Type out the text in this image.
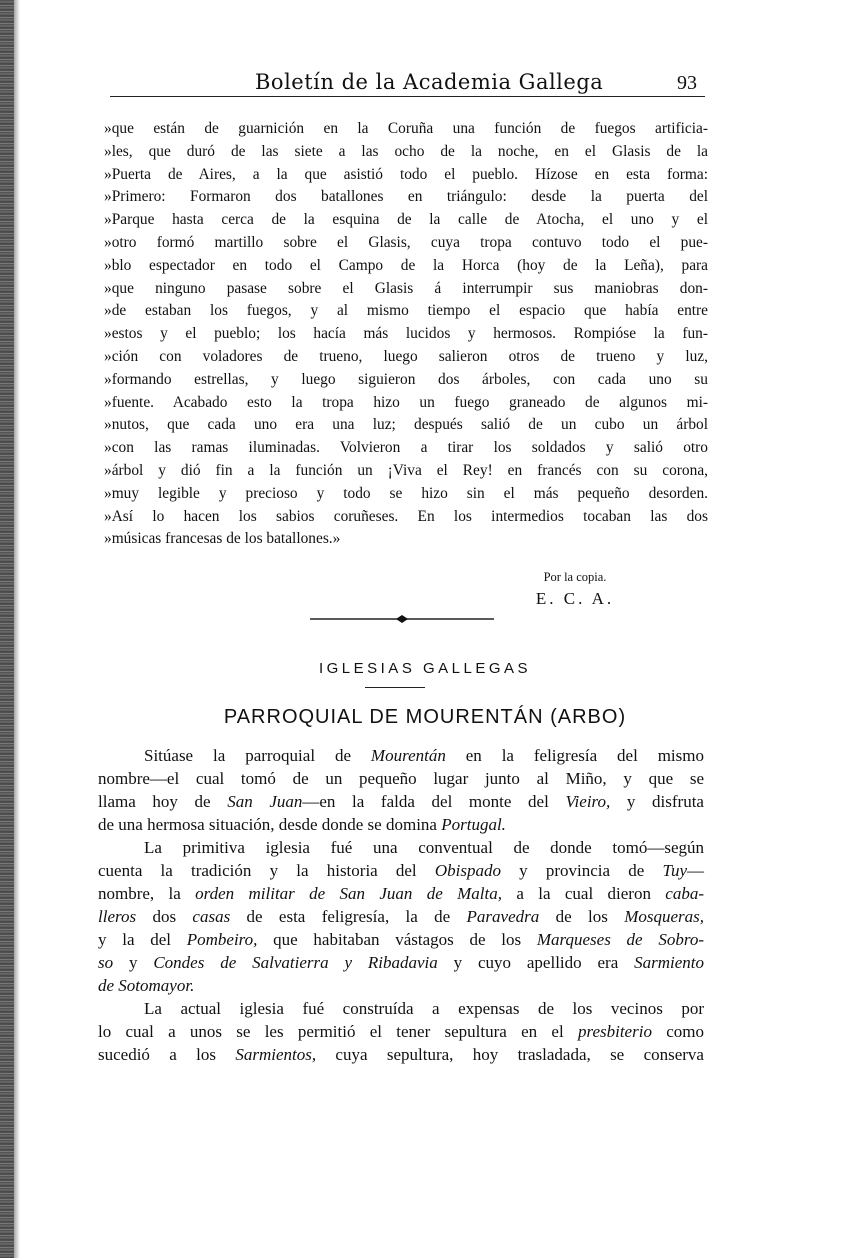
Boletín de la Academia Gallega	93
»que están de guarnición en la Coruña una función de fuegos artificia-
»les, que duró de las siete a las ocho de la noche, en el Glasis de la
»Puerta de Aires, a la que asistió todo el pueblo. Hízose en esta forma:
»Primero: Formaron dos batallones en triángulo: desde la puerta del
»Parque hasta cerca de la esquina de la calle de Atocha, el uno y el
»otro formó martillo sobre el Glasis, cuya tropa contuvo todo el pue-
»blo espectador en todo el Campo de la Horca (hoy de la Leña), para
»que ninguno pasase sobre el Glasis á interrumpir sus maniobras don-
»de estaban los fuegos, y al mismo tiempo el espacio que había entre
»estos y el pueblo; los hacía más lucidos y hermosos. Rompióse la fun-
»ción con voladores de trueno, luego salieron otros de trueno y luz,
»formando estrellas, y luego siguieron dos árboles, con cada uno su
»fuente. Acabado esto la tropa hizo un fuego graneado de algunos mi-
»nutos, que cada uno era una luz; después salió de un cubo un árbol
»con las ramas iluminadas. Volvieron a tirar los soldados y salió otro
»árbol y dió fin a la función un ¡Viva el Rey! en francés con su corona,
»muy legible y precioso y todo se hizo sin el más pequeño desorden.
»Así lo hacen los sabios coruñeses. En los intermedios tocaban las dos
»músicas francesas de los batallones.»
Por la copia.
E. C. A.
IGLESIAS GALLEGAS
PARROQUIAL DE MOURENTÁN (ARBO)
Sitúase la parroquial de Mourentán en la feligresía del mismo
nombre—el cual tomó de un pequeño lugar junto al Miño, y que se
llama hoy de San Juan—en la falda del monte del Vieiro, y disfruta
de una hermosa situación, desde donde se domina Portugal.
La primitiva iglesia fué una conventual de donde tomó—según
cuenta la tradición y la historia del Obispado y provincia de Tuy—
nombre, la orden militar de San Juan de Malta, a la cual dieron caba-
lleros dos casas de esta feligresía, la de Paravedra de los Mosqueras,
y la del Pombeiro, que habitaban vástagos de los Marqueses de Sobro-
so y Condes de Salvatierra y Ribadavia y cuyo apellido era Sarmiento
de Sotomayor.
La actual iglesia fué construída a expensas de los vecinos por
lo cual a unos se les permitió el tener sepultura en el presbiterio como
sucedió a los Sarmientos, cuya sepultura, hoy trasladada, se conserva
